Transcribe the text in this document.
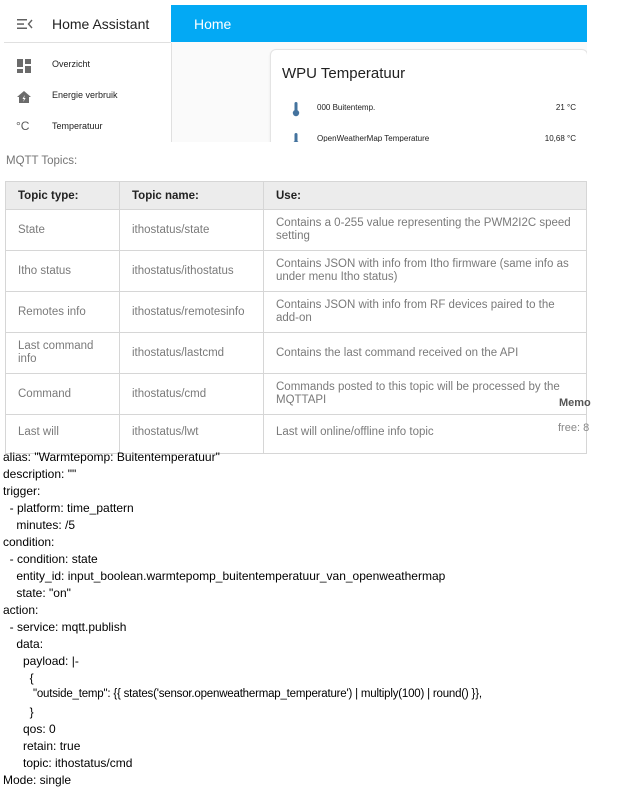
Home Assistant
Overzicht
Energie verbruik
°C	Temperatuur
Home
WPU Temperatuur
000 Buitentemp.	21 °C
OpenWeatherMap Temperature	10,68 °C
MQTT Topics:
Topic type:	Topic name:	Use:
State	ithostatus/state	Contains a 0-255 value representing the PWM2I2C speed setting
Itho status	ithostatus/ithostatus	Contains JSON with info from Itho firmware (same info as under menu Itho status)
Remotes info	ithostatus/remotesinfo	Contains JSON with info from RF devices paired to the add-on
Last command info	ithostatus/lastcmd	Contains the last command received on the API
Command	ithostatus/cmd	Commands posted to this topic will be processed by the MQTTAPI
Last will	ithostatus/lwt	Last will online/offline info topic
Memo
free: 8
alias: "Warmtepomp: Buitentemperatuur"
description: ""
trigger:
- platform: time_pattern
minutes: /5
condition:
- condition: state
entity_id: input_boolean.warmtepomp_buitentemperatuur_van_openweathermap
state: "on"
action:
- service: mqtt.publish
data:
payload: |-
{
"outside_temp": {{ states('sensor.openweathermap_temperature') | multiply(100) | round() }},
}
qos: 0
retain: true
topic: ithostatus/cmd
Mode: single
